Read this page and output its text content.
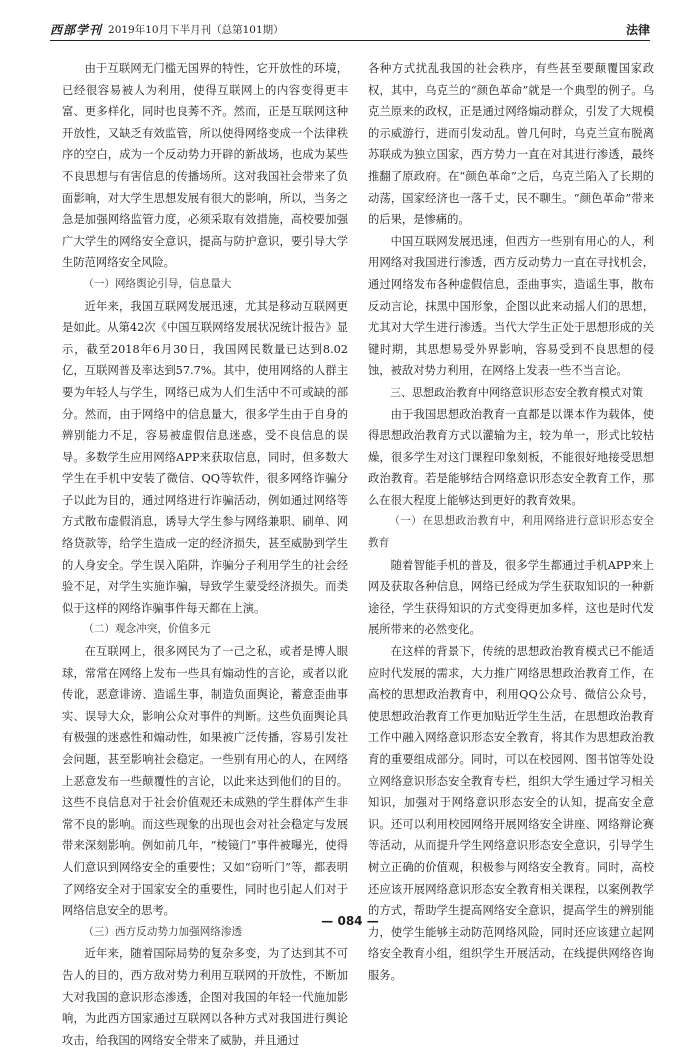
西部学刊 2019年10月下半月刊（总第101期）	法律

由于互联网无门槛无国界的特性，它开放性的环境，已经很容易被人为利用，使得互联网上的内容变得更丰富、更多样化，同时也良莠不齐。然而，正是互联网这种开放性，又缺乏有效监管，所以使得网络变成一个法律秩序的空白，成为一个反动势力开辟的新战场，也成为某些不良思想与有害信息的传播场所。这对我国社会带来了负面影响，对大学生思想发展有很大的影响，所以，当务之急是加强网络监管力度，必须采取有效措施，高校要加强广大学生的网络安全意识，提高与防护意识，要引导大学生防范网络安全风险。

（一）网络舆论引导，信息量大

近年来，我国互联网发展迅速，尤其是移动互联网更是如此。从第42次《中国互联网络发展状况统计报告》显示，截至2018年6月30日，我国网民数量已达到8.02亿，互联网普及率达到57.7%。其中，使用网络的人群主要为年轻人与学生，网络已成为人们生活中不可或缺的部分。然而，由于网络中的信息量大，很多学生由于自身的辨别能力不足，容易被虚假信息迷惑，受不良信息的误导。多数学生应用网络APP来获取信息，同时，但多数大学生在手机中安装了微信、QQ等软件，很多网络诈骗分子以此为目的，通过网络进行诈骗活动，例如通过网络等方式散布虚假消息，诱导大学生参与网络兼职、刷单、网络贷款等，给学生造成一定的经济损失，甚至威胁到学生的人身安全。学生误入陷阱，诈骗分子利用学生的社会经验不足，对学生实施诈骗，导致学生蒙受经济损失。而类似于这样的网络诈骗事件每天都在上演。

（二）观念冲突，价值多元

在互联网上，很多网民为了一己之私，或者是博人眼球，常常在网络上发布一些具有煽动性的言论，或者以讹传讹，恶意诽谤、造谣生事，制造负面舆论，蓄意歪曲事实、误导大众，影响公众对事件的判断。这些负面舆论具有极强的迷惑性和煽动性，如果被广泛传播，容易引发社会问题，甚至影响社会稳定。一些别有用心的人，在网络上恶意发布一些颠覆性的言论，以此来达到他们的目的。这些不良信息对于社会价值观还未成熟的学生群体产生非常不良的影响。而这些现象的出现也会对社会稳定与发展带来深刻影响。例如前几年，“棱镜门”事件被曝光，使得人们意识到网络安全的重要性；又如“窃听门”等，都表明了网络安全对于国家安全的重要性，同时也引起人们对于网络信息安全的思考。

（三）西方反动势力加强网络渗透

近年来，随着国际局势的复杂多变，为了达到其不可告人的目的，西方敌对势力利用互联网的开放性，不断加大对我国的意识形态渗透，企图对我国的年轻一代施加影响，为此西方国家通过互联网以各种方式对我国进行舆论攻击，给我国的网络安全带来了威胁，并且通过

各种方式扰乱我国的社会秩序，有些甚至要颠覆国家政权，其中，乌克兰的“颜色革命”就是一个典型的例子。乌克兰原来的政权，正是通过网络煽动群众，引发了大规模的示威游行，进而引发动乱。曾几何时，乌克兰宣布脱离苏联成为独立国家，西方势力一直在对其进行渗透，最终推翻了原政府。在“颜色革命”之后，乌克兰陷入了长期的动荡，国家经济也一落千丈，民不聊生。“颜色革命”带来的后果，是惨痛的。

中国互联网发展迅速，但西方一些别有用心的人，利用网络对我国进行渗透，西方反动势力一直在寻找机会，通过网络发布各种虚假信息，歪曲事实，造谣生事，散布反动言论，抹黑中国形象，企图以此来动摇人们的思想，尤其对大学生进行渗透。当代大学生正处于思想形成的关键时期，其思想易受外界影响，容易受到不良思想的侵蚀，被敌对势力利用，在网络上发表一些不当言论。

三、思想政治教育中网络意识形态安全教育模式对策

由于我国思想政治教育一直都是以课本作为载体，使得思想政治教育方式以灌输为主，较为单一，形式比较枯燥，很多学生对这门课程印象刻板，不能很好地接受思想政治教育。若是能够结合网络意识形态安全教育工作，那么在很大程度上能够达到更好的教育效果。

（一）在思想政治教育中，利用网络进行意识形态安全教育

随着智能手机的普及，很多学生都通过手机APP来上网及获取各种信息，网络已经成为学生获取知识的一种新途径，学生获得知识的方式变得更加多样，这也是时代发展所带来的必然变化。

在这样的背景下，传统的思想政治教育模式已不能适应时代发展的需求，大力推广网络思想政治教育工作，在高校的思想政治教育中，利用QQ公众号、微信公众号，使思想政治教育工作更加贴近学生生活，在思想政治教育工作中融入网络意识形态安全教育，将其作为思想政治教育的重要组成部分。同时，可以在校园网、图书馆等处设立网络意识形态安全教育专栏，组织大学生通过学习相关知识，加强对于网络意识形态安全的认知，提高安全意识。还可以利用校园网络开展网络安全讲座、网络辩论赛等活动，从而提升学生网络意识形态安全意识，引导学生树立正确的价值观，积极参与网络安全教育。同时，高校还应该开展网络意识形态安全教育相关课程，以案例教学的方式，帮助学生提高网络安全意识，提高学生的辨别能力，使学生能够主动防范网络风险，同时还应该建立起网络安全教育小组，组织学生开展活动，在线提供网络咨询服务。

— 084 —
